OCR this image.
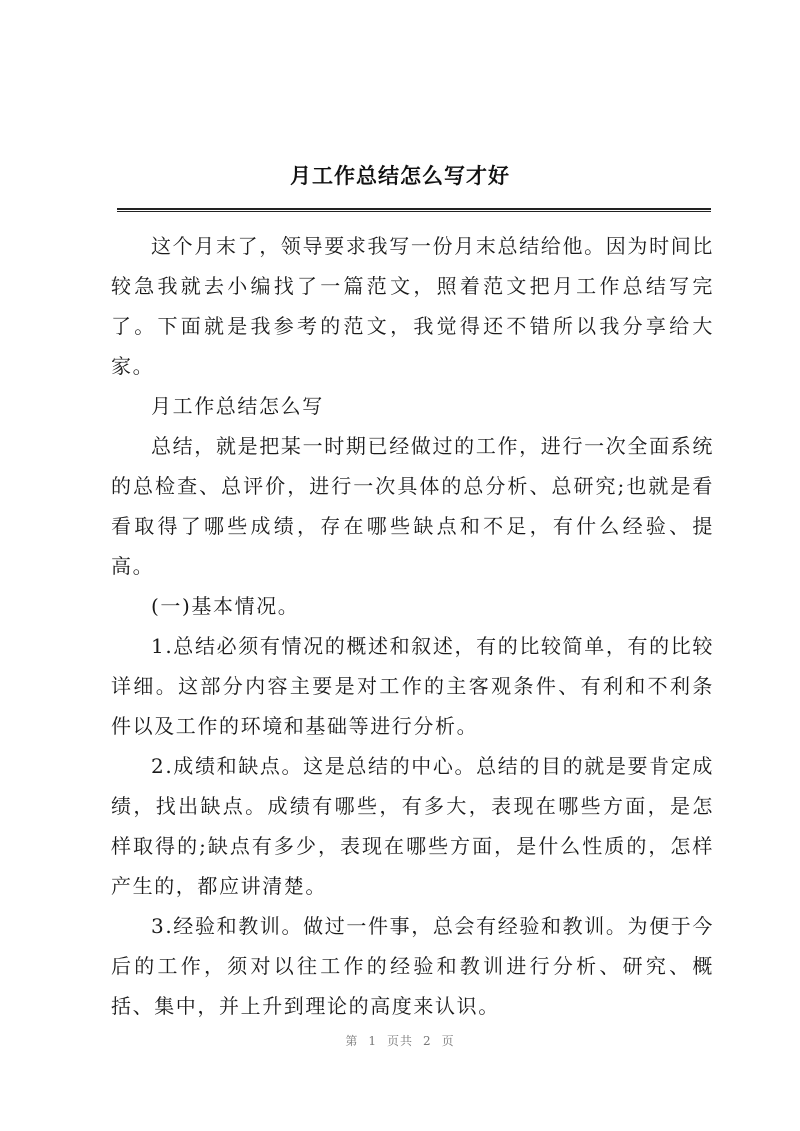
月工作总结怎么写才好

这个月末了，领导要求我写一份月末总结给他。因为时间比较急我就去小编找了一篇范文，照着范文把月工作总结写完了。下面就是我参考的范文，我觉得还不错所以我分享给大家。

月工作总结怎么写

总结，就是把某一时期已经做过的工作，进行一次全面系统的总检查、总评价，进行一次具体的总分析、总研究;也就是看看取得了哪些成绩，存在哪些缺点和不足，有什么经验、提高。

(一)基本情况。

1.总结必须有情况的概述和叙述，有的比较简单，有的比较详细。这部分内容主要是对工作的主客观条件、有利和不利条件以及工作的环境和基础等进行分析。

2.成绩和缺点。这是总结的中心。总结的目的就是要肯定成绩，找出缺点。成绩有哪些，有多大，表现在哪些方面，是怎样取得的;缺点有多少，表现在哪些方面，是什么性质的，怎样产生的，都应讲清楚。

3.经验和教训。做过一件事，总会有经验和教训。为便于今后的工作，须对以往工作的经验和教训进行分析、研究、概括、集中，并上升到理论的高度来认识。

第 1 页共 2 页
